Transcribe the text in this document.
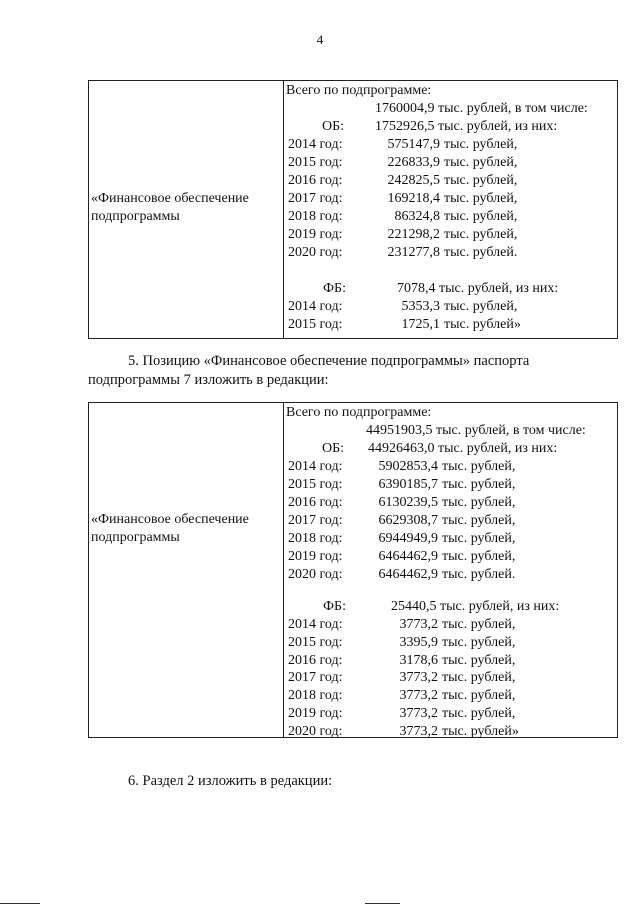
4
«Финансовое обеспечение
подпрограммы
Всего по подпрограмме:
1760004,9 тыс. рублей, в том числе:
ОБ: 1752926,5 тыс. рублей, из них:
2014 год:	575147,9 тыс. рублей,
2015 год:	226833,9 тыс. рублей,
2016 год:	242825,5 тыс. рублей,
2017 год:	169218,4 тыс. рублей,
2018 год:	86324,8 тыс. рублей,
2019 год:	221298,2 тыс. рублей,
2020 год:	231277,8 тыс. рублей.
ФБ:	7078,4 тыс. рублей, из них:
2014 год:	5353,3 тыс. рублей,
2015 год:	1725,1 тыс. рублей»
5. Позицию «Финансовое обеспечение подпрограммы» паспорта
подпрограммы 7 изложить в редакции:
«Финансовое обеспечение
подпрограммы
Всего по подпрограмме:
44951903,5 тыс. рублей, в том числе:
ОБ: 44926463,0 тыс. рублей, из них:
2014 год:	5902853,4 тыс. рублей,
2015 год:	6390185,7 тыс. рублей,
2016 год:	6130239,5 тыс. рублей,
2017 год:	6629308,7 тыс. рублей,
2018 год:	6944949,9 тыс. рублей,
2019 год:	6464462,9 тыс. рублей,
2020 год:	6464462,9 тыс. рублей.
ФБ:	25440,5 тыс. рублей, из них:
2014 год:	3773,2 тыс. рублей,
2015 год:	3395,9 тыс. рублей,
2016 год:	3178,6 тыс. рублей,
2017 год:	3773,2 тыс. рублей,
2018 год:	3773,2 тыс. рублей,
2019 год:	3773,2 тыс. рублей,
2020 год:	3773,2 тыс. рублей»
6. Раздел 2 изложить в редакции:
